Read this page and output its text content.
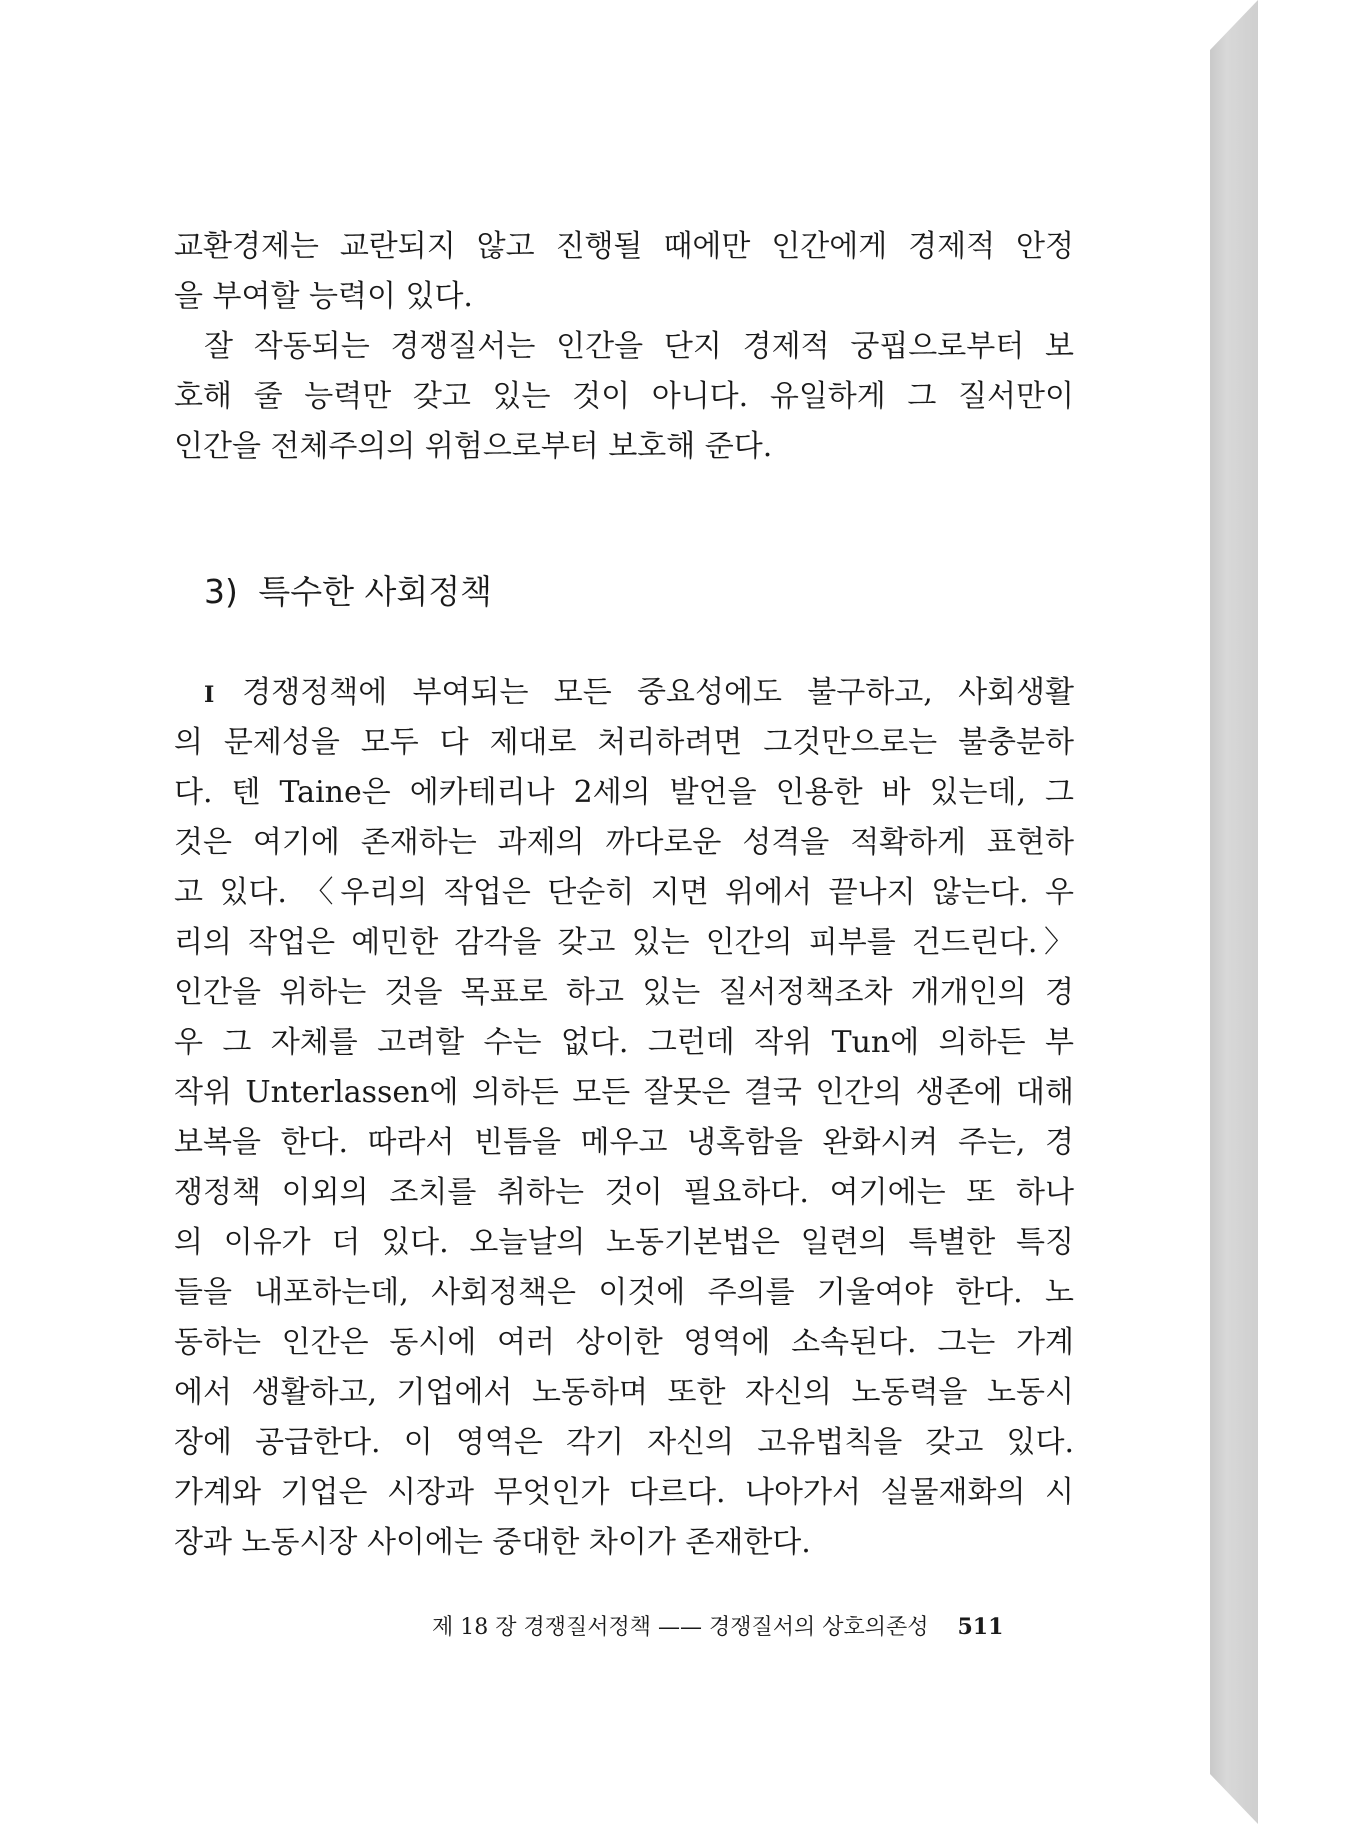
교환경제는 교란되지 않고 진행될 때에만 인간에게 경제적 안정
을 부여할 능력이 있다.
잘 작동되는 경쟁질서는 인간을 단지 경제적 궁핍으로부터 보
호해 줄 능력만 갖고 있는 것이 아니다. 유일하게 그 질서만이
인간을 전체주의의 위험으로부터 보호해 준다.
3) 특수한 사회정책
I 경쟁정책에 부여되는 모든 중요성에도 불구하고, 사회생활
의 문제성을 모두 다 제대로 처리하려면 그것만으로는 불충분하
다. 텐 Taine은 에카테리나 2세의 발언을 인용한 바 있는데, 그
것은 여기에 존재하는 과제의 까다로운 성격을 적확하게 표현하
고 있다. 〈우리의 작업은 단순히 지면 위에서 끝나지 않는다. 우
리의 작업은 예민한 감각을 갖고 있는 인간의 피부를 건드린다.〉
인간을 위하는 것을 목표로 하고 있는 질서정책조차 개개인의 경
우 그 자체를 고려할 수는 없다. 그런데 작위 Tun에 의하든 부
작위 Unterlassen에 의하든 모든 잘못은 결국 인간의 생존에 대해
보복을 한다. 따라서 빈틈을 메우고 냉혹함을 완화시켜 주는, 경
쟁정책 이외의 조치를 취하는 것이 필요하다. 여기에는 또 하나
의 이유가 더 있다. 오늘날의 노동기본법은 일련의 특별한 특징
들을 내포하는데, 사회정책은 이것에 주의를 기울여야 한다. 노
동하는 인간은 동시에 여러 상이한 영역에 소속된다. 그는 가계
에서 생활하고, 기업에서 노동하며 또한 자신의 노동력을 노동시
장에 공급한다. 이 영역은 각기 자신의 고유법칙을 갖고 있다.
가계와 기업은 시장과 무엇인가 다르다. 나아가서 실물재화의 시
장과 노동시장 사이에는 중대한 차이가 존재한다.
제 18 장 경쟁질서정책 —— 경쟁질서의 상호의존성 511
